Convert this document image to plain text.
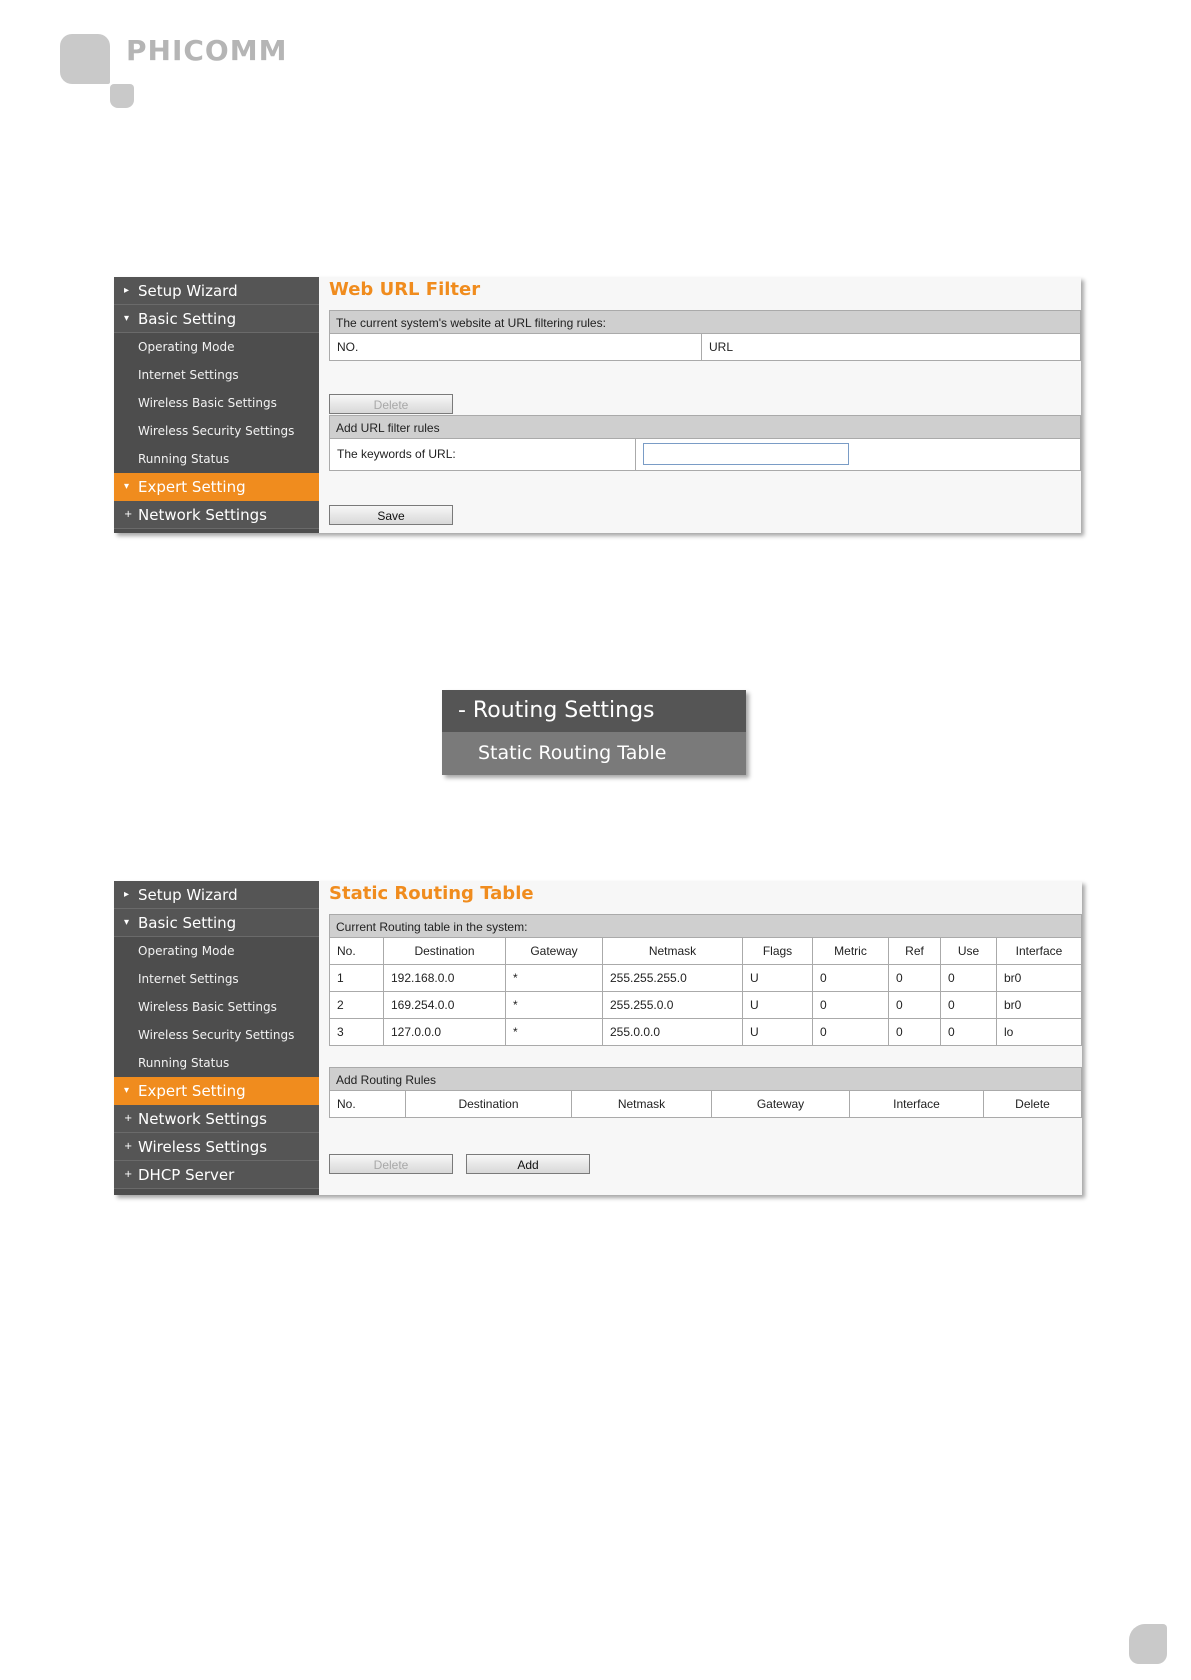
PHICOMM
▸ Setup Wizard
▾ Basic Setting
Operating Mode
Internet Settings
Wireless Basic Settings
Wireless Security Settings
Running Status
▾ Expert Setting
+ Network Settings
Web URL Filter
The current system's website at URL filtering rules:
NO.	URL
Delete
Add URL filter rules
The keywords of URL:
Save
- Routing Settings
Static Routing Table
▸ Setup Wizard
▾ Basic Setting
Operating Mode
Internet Settings
Wireless Basic Settings
Wireless Security Settings
Running Status
▾ Expert Setting
+ Network Settings
+ Wireless Settings
+ DHCP Server
Static Routing Table
Current Routing table in the system:
No.	Destination	Gateway	Netmask	Flags	Metric	Ref	Use	Interface
1	192.168.0.0	*	255.255.255.0	U	0	0	0	br0
2	169.254.0.0	*	255.255.0.0	U	0	0	0	br0
3	127.0.0.0	*	255.0.0.0	U	0	0	0	lo
Add Routing Rules
No.	Destination	Netmask	Gateway	Interface	Delete
Delete	Add
